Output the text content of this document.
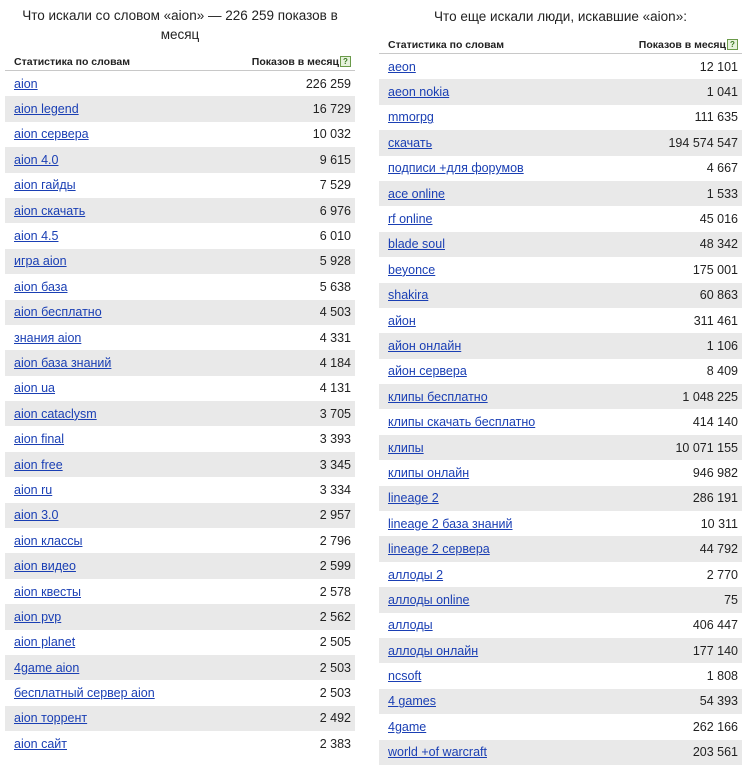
Что искали со словом «aion» — 226 259 показов в месяц
Статистика по словам	Показов в месяц ?
aion	226 259
aion legend	16 729
aion сервера	10 032
aion 4.0	9 615
aion гайды	7 529
aion скачать	6 976
aion 4.5	6 010
игра aion	5 928
aion база	5 638
aion бесплатно	4 503
знания aion	4 331
aion база знаний	4 184
aion ua	4 131
aion cataclysm	3 705
aion final	3 393
aion free	3 345
aion ru	3 334
aion 3.0	2 957
aion классы	2 796
aion видео	2 599
aion квесты	2 578
aion pvp	2 562
aion planet	2 505
4game aion	2 503
бесплатный сервер aion	2 503
aion торрент	2 492
aion сайт	2 383
Что еще искали люди, искавшие «aion»:
Статистика по словам	Показов в месяц ?
aeon	12 101
aeon nokia	1 041
mmorpg	111 635
скачать	194 574 547
подписи +для форумов	4 667
ace online	1 533
rf online	45 016
blade soul	48 342
beyonce	175 001
shakira	60 863
айон	311 461
айон онлайн	1 106
айон сервера	8 409
клипы бесплатно	1 048 225
клипы скачать бесплатно	414 140
клипы	10 071 155
клипы онлайн	946 982
lineage 2	286 191
lineage 2 база знаний	10 311
lineage 2 сервера	44 792
аллоды 2	2 770
аллоды online	75
аллоды	406 447
аллоды онлайн	177 140
ncsoft	1 808
4 games	54 393
4game	262 166
world +of warcraft	203 561
